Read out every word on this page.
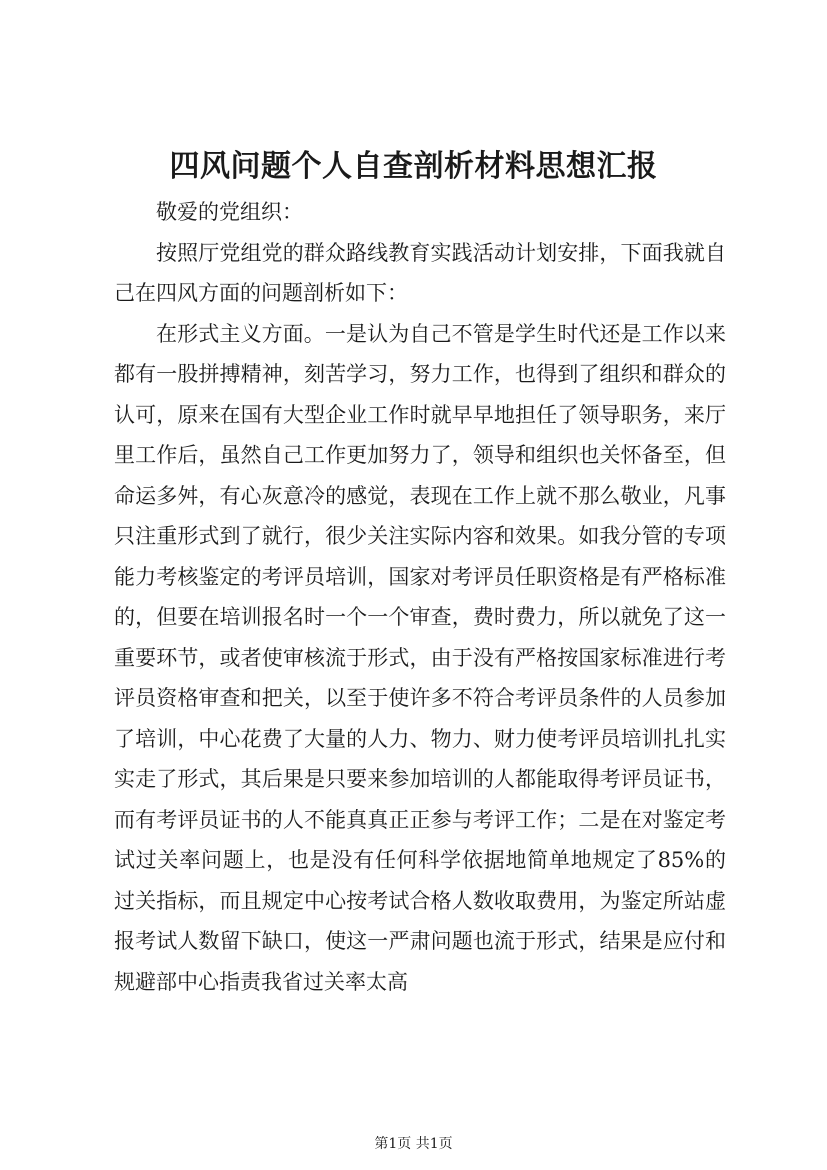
四风问题个人自查剖析材料思想汇报

敬爱的党组织：

按照厅党组党的群众路线教育实践活动计划安排，下面我就自己在四风方面的问题剖析如下：

在形式主义方面。一是认为自己不管是学生时代还是工作以来都有一股拼搏精神，刻苦学习，努力工作，也得到了组织和群众的认可，原来在国有大型企业工作时就早早地担任了领导职务，来厅里工作后，虽然自己工作更加努力了，领导和组织也关怀备至，但命运多舛，有心灰意冷的感觉，表现在工作上就不那么敬业，凡事只注重形式到了就行，很少关注实际内容和效果。如我分管的专项能力考核鉴定的考评员培训，国家对考评员任职资格是有严格标准的，但要在培训报名时一个一个审查，费时费力，所以就免了这一重要环节，或者使审核流于形式，由于没有严格按国家标准进行考评员资格审查和把关，以至于使许多不符合考评员条件的人员参加了培训，中心花费了大量的人力、物力、财力使考评员培训扎扎实实走了形式，其后果是只要来参加培训的人都能取得考评员证书，而有考评员证书的人不能真真正正参与考评工作；二是在对鉴定考试过关率问题上，也是没有任何科学依据地简单地规定了85%的过关指标，而且规定中心按考试合格人数收取费用，为鉴定所站虚报考试人数留下缺口，使这一严肃问题也流于形式，结果是应付和规避部中心指责我省过关率太高

第1页 共1页
